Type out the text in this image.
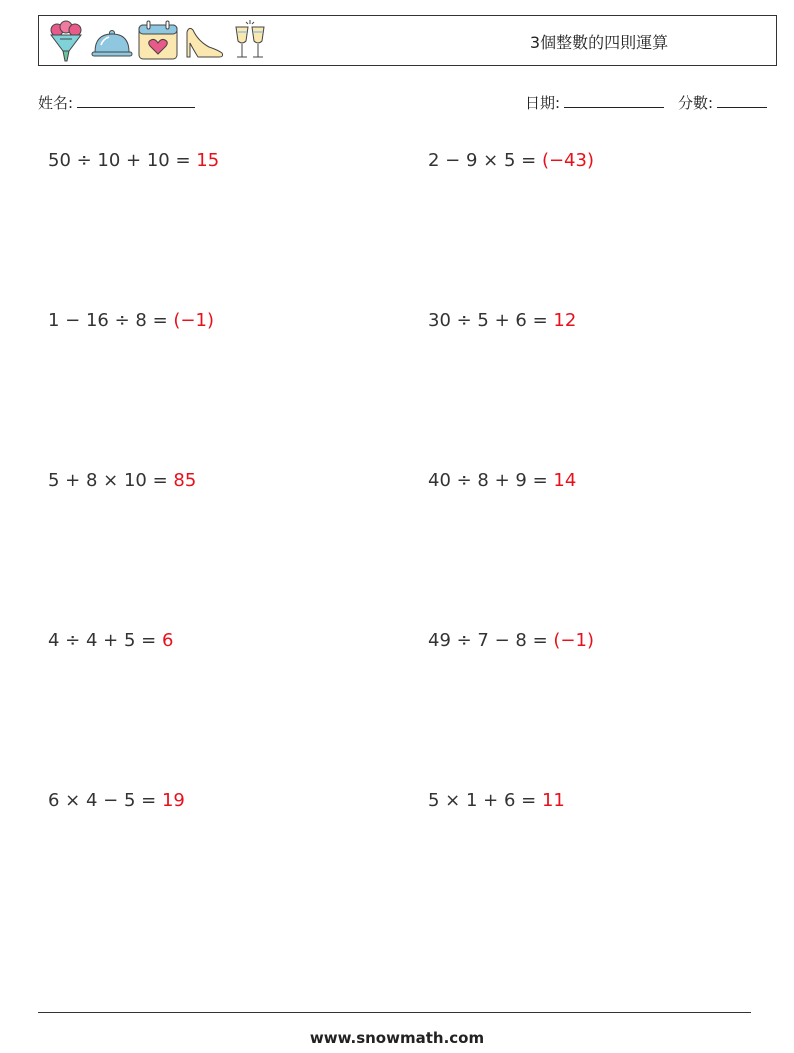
3個整數的四則運算
姓名:	日期:	分數:
50 ÷ 10 + 10 = 15	2 − 9 × 5 = (−43)
1 − 16 ÷ 8 = (−1)	30 ÷ 5 + 6 = 12
5 + 8 × 10 = 85	40 ÷ 8 + 9 = 14
4 ÷ 4 + 5 = 6	49 ÷ 7 − 8 = (−1)
6 × 4 − 5 = 19	5 × 1 + 6 = 11
www.snowmath.com
